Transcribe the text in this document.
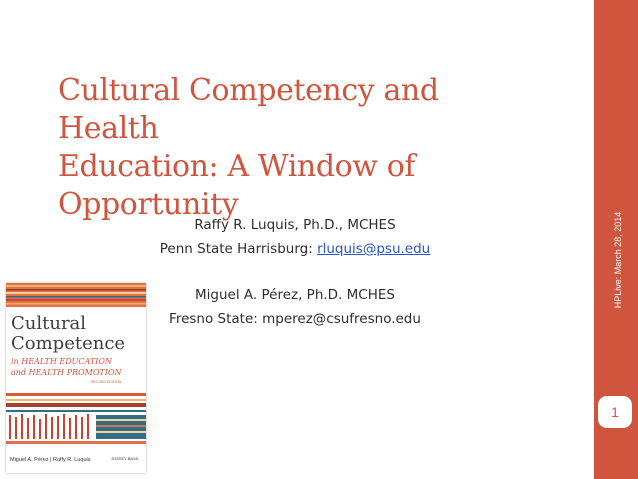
HPLive: March 28, 2014
1
Cultural Competency and Health
Education: A Window of
Opportunity
Raffy R. Luquis, Ph.D., MCHES
Penn State Harrisburg: rluquis@psu.edu
Miguel A. Pérez, Ph.D. MCHES
Fresno State: mperez@csufresno.edu
Cultural
Competence
in HEALTH EDUCATION
and HEALTH PROMOTION
SECOND EDITION
Miguel A. Pérez | Raffy R. Luquis	JOSSEY-BASS
